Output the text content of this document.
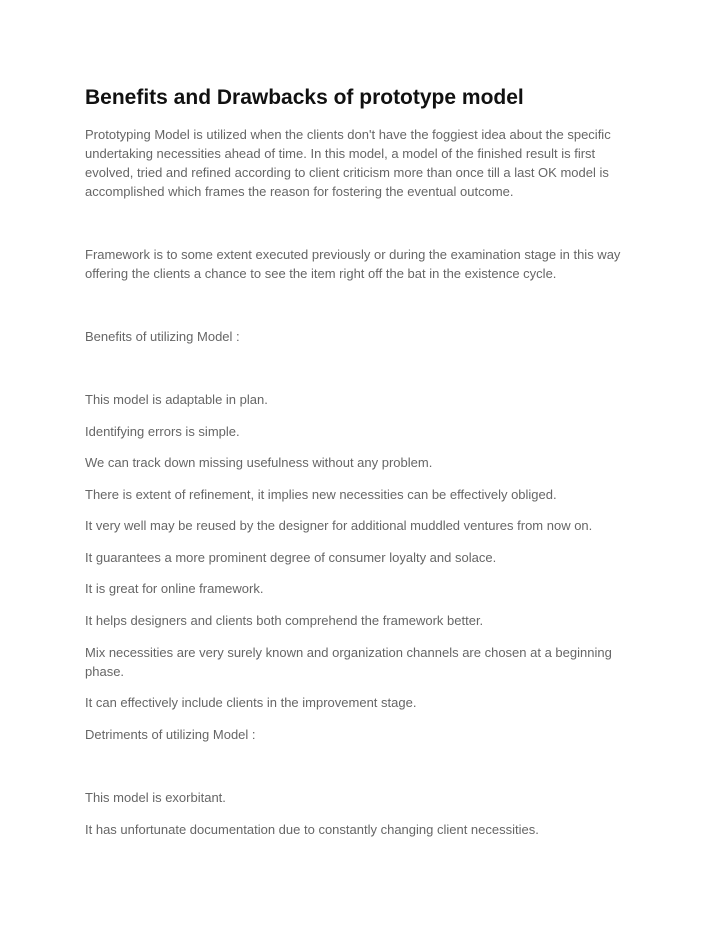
Benefits and Drawbacks of prototype model

Prototyping Model is utilized when the clients don't have the foggiest idea about the specific undertaking necessities ahead of time. In this model, a model of the finished result is first evolved, tried and refined according to client criticism more than once till a last OK model is accomplished which frames the reason for fostering the eventual outcome.

Framework is to some extent executed previously or during the examination stage in this way offering the clients a chance to see the item right off the bat in the existence cycle.

Benefits of utilizing Model :

This model is adaptable in plan.

Identifying errors is simple.

We can track down missing usefulness without any problem.

There is extent of refinement, it implies new necessities can be effectively obliged.

It very well may be reused by the designer for additional muddled ventures from now on.

It guarantees a more prominent degree of consumer loyalty and solace.

It is great for online framework.

It helps designers and clients both comprehend the framework better.

Mix necessities are very surely known and organization channels are chosen at a beginning phase.

It can effectively include clients in the improvement stage.

Detriments of utilizing Model :

This model is exorbitant.

It has unfortunate documentation due to constantly changing client necessities.
